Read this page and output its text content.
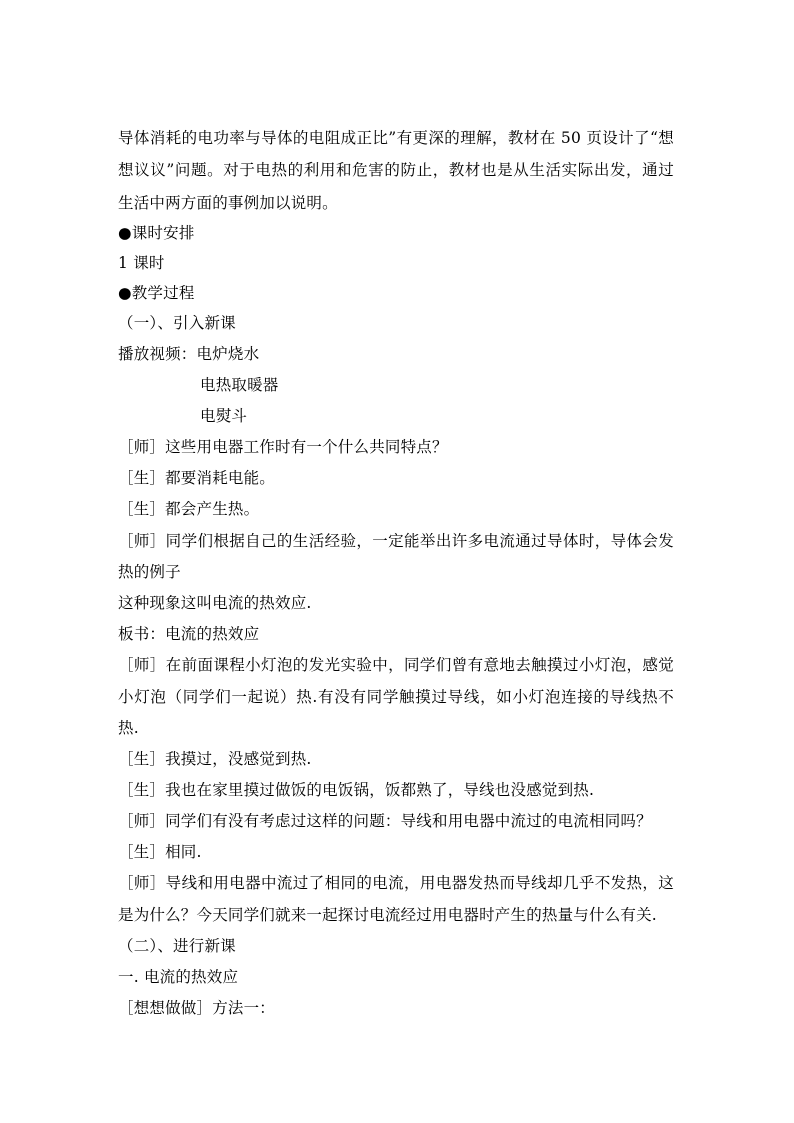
导体消耗的电功率与导体的电阻成正比”有更深的理解，教材在 50 页设计了“想
想议议”问题。对于电热的利用和危害的防止，教材也是从生活实际出发，通过
生活中两方面的事例加以说明。
●课时安排
1 课时
●教学过程
（一）、引入新课
播放视频：电炉烧水
电热取暖器
电熨斗
［师］这些用电器工作时有一个什么共同特点？
［生］都要消耗电能。
［生］都会产生热。
［师］同学们根据自己的生活经验，一定能举出许多电流通过导体时，导体会发
热的例子
这种现象这叫电流的热效应.
板书：电流的热效应
［师］在前面课程小灯泡的发光实验中，同学们曾有意地去触摸过小灯泡，感觉
小灯泡（同学们一起说）热.有没有同学触摸过导线，如小灯泡连接的导线热不
热.
［生］我摸过，没感觉到热.
［生］我也在家里摸过做饭的电饭锅，饭都熟了，导线也没感觉到热.
［师］同学们有没有考虑过这样的问题：导线和用电器中流过的电流相同吗？
［生］相同.
［师］导线和用电器中流过了相同的电流，用电器发热而导线却几乎不发热，这
是为什么？今天同学们就来一起探讨电流经过用电器时产生的热量与什么有关.
（二）、进行新课
一. 电流的热效应
［想想做做］方法一：
